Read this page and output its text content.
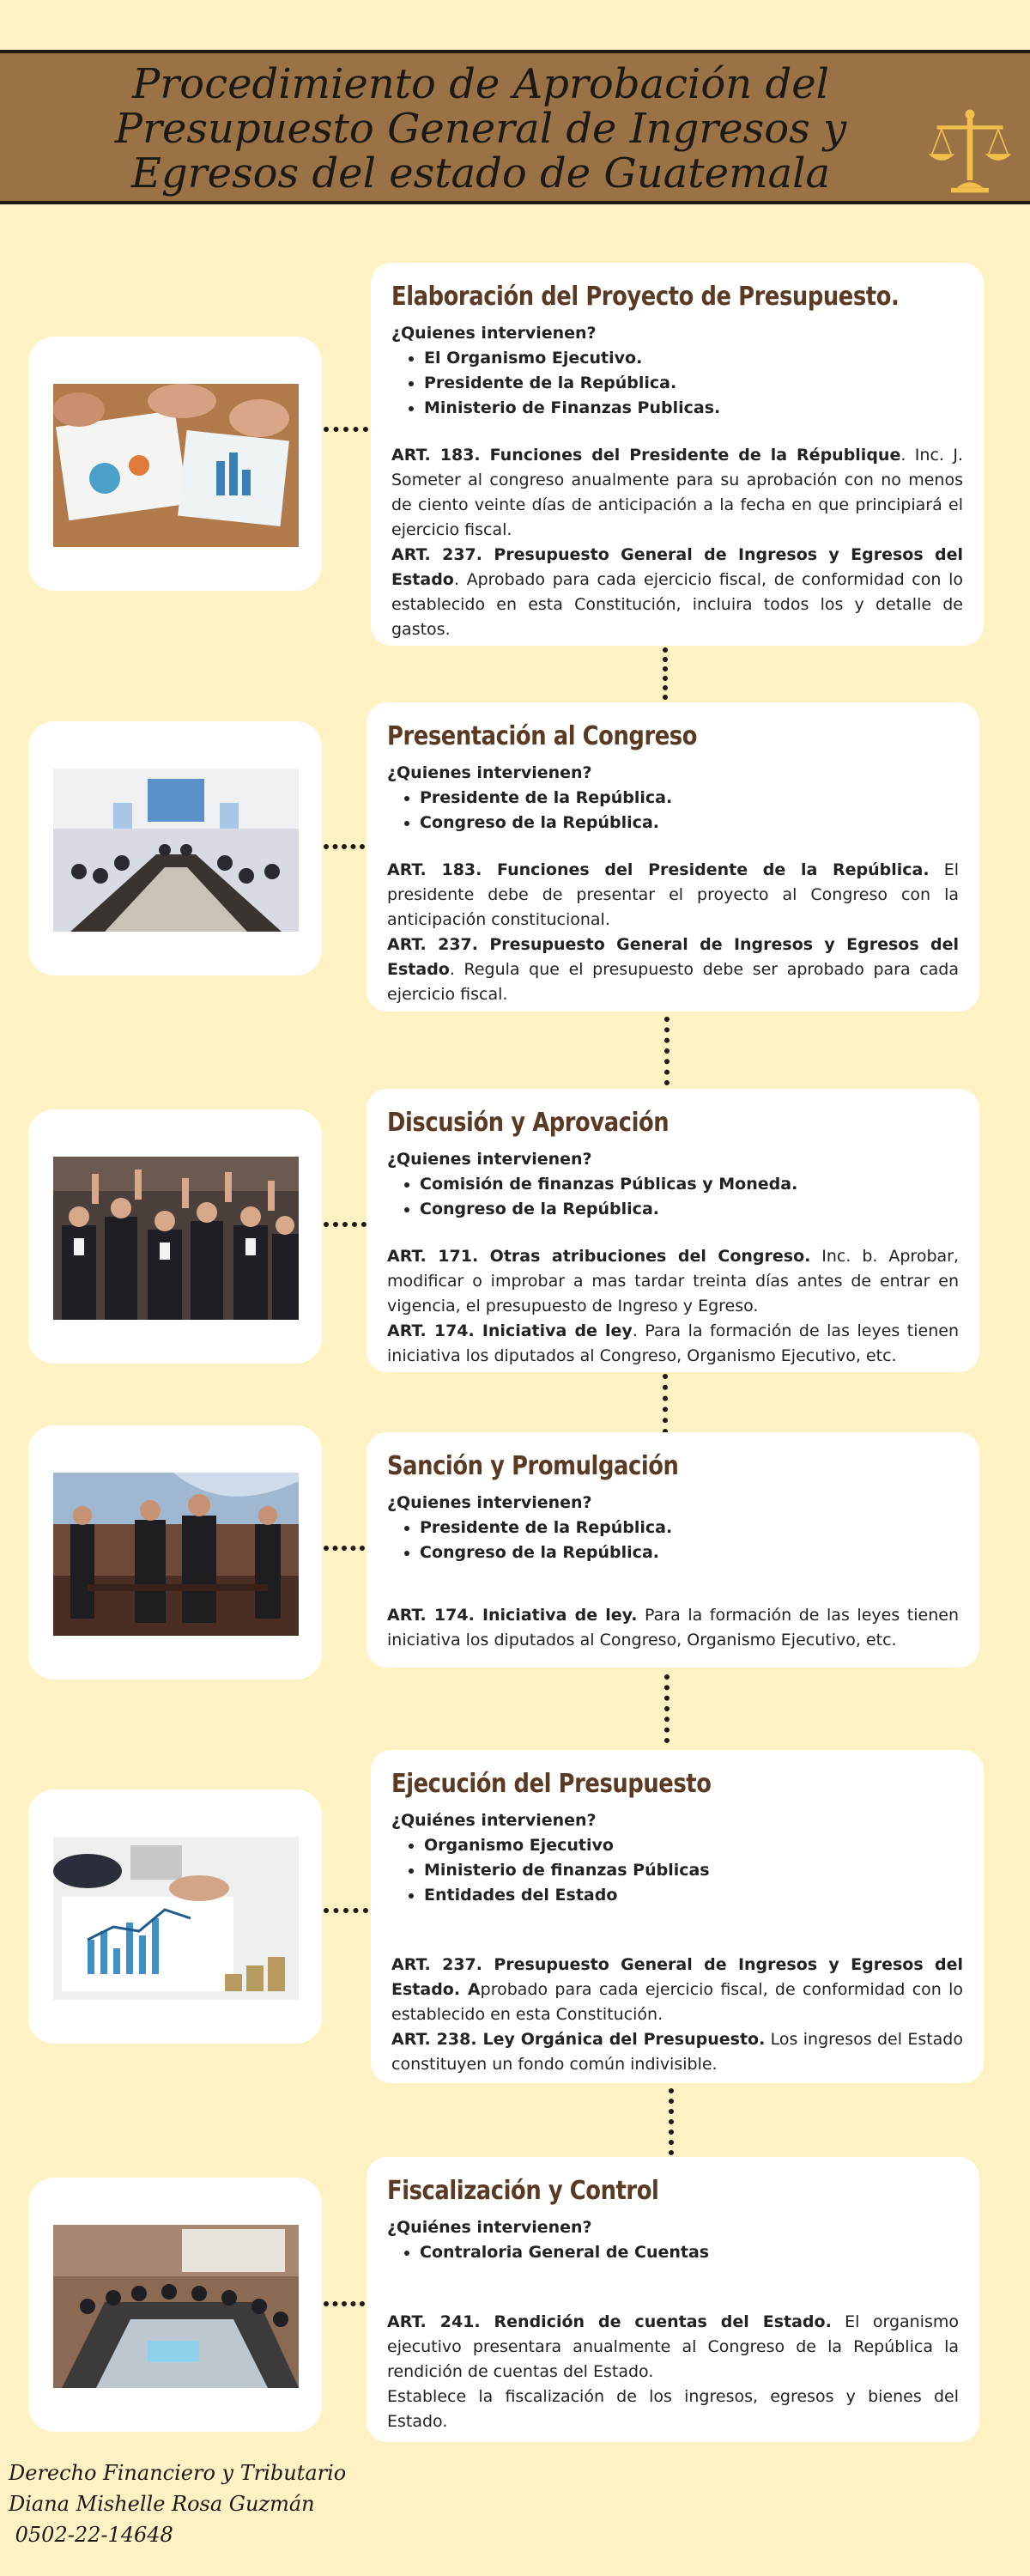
Procedimiento de Aprobación del Presupuesto General de Ingresos y Egresos del estado de Guatemala
Elaboración del Proyecto de Presupuesto.

¿Quienes intervienen?

• El Organismo Ejecutivo.
• Presidente de la República.
• Ministerio de Finanzas Publicas.

ART. 183. Funciones del Presidente de la République. Inc. J. Someter al congreso anualmente para su aprobación con no menos de ciento veinte días de anticipación a la fecha en que principiará el ejercicio fiscal.

ART. 237. Presupuesto General de Ingresos y Egresos del Estado. Aprobado para cada ejercicio fiscal, de conformidad con lo establecido en esta Constitución, incluira todos los y detalle de gastos.

Presentación al Congreso

¿Quienes intervienen?

• Presidente de la República.
• Congreso de la República.

ART. 183. Funciones del Presidente de la República. El presidente debe de presentar el proyecto al Congreso con la anticipación constitucional.

ART. 237. Presupuesto General de Ingresos y Egresos del Estado. Regula que el presupuesto debe ser aprobado para cada ejercicio fiscal.

Discusión y Aprovación

¿Quienes intervienen?

• Comisión de finanzas Públicas y Moneda.
• Congreso de la República.

ART. 171. Otras atribuciones del Congreso. Inc. b. Aprobar, modificar o improbar a mas tardar treinta días antes de entrar en vigencia, el presupuesto de Ingreso y Egreso.

ART. 174. Iniciativa de ley. Para la formación de las leyes tienen iniciativa los diputados al Congreso, Organismo Ejecutivo, etc.

Sanción y Promulgación

¿Quienes intervienen?

• Presidente de la República.
• Congreso de la República.

ART. 174. Iniciativa de ley. Para la formación de las leyes tienen iniciativa los diputados al Congreso, Organismo Ejecutivo, etc.

Ejecución del Presupuesto

¿Quiénes intervienen?

• Organismo Ejecutivo
• Ministerio de finanzas Públicas
• Entidades del Estado

ART. 237. Presupuesto General de Ingresos y Egresos del Estado. Aprobado para cada ejercicio fiscal, de conformidad con lo establecido en esta Constitución.

ART. 238. Ley Orgánica del Presupuesto. Los ingresos del Estado constituyen un fondo común indivisible.

Fiscalización y Control

¿Quiénes intervienen?

• Contraloria General de Cuentas

ART. 241. Rendición de cuentas del Estado. El organismo ejecutivo presentara anualmente al Congreso de la República la rendición de cuentas del Estado.

Establece la fiscalización de los ingresos, egresos y bienes del Estado.

Derecho Financiero y Tributario
Diana Mishelle Rosa Guzmán
0502-22-14648
